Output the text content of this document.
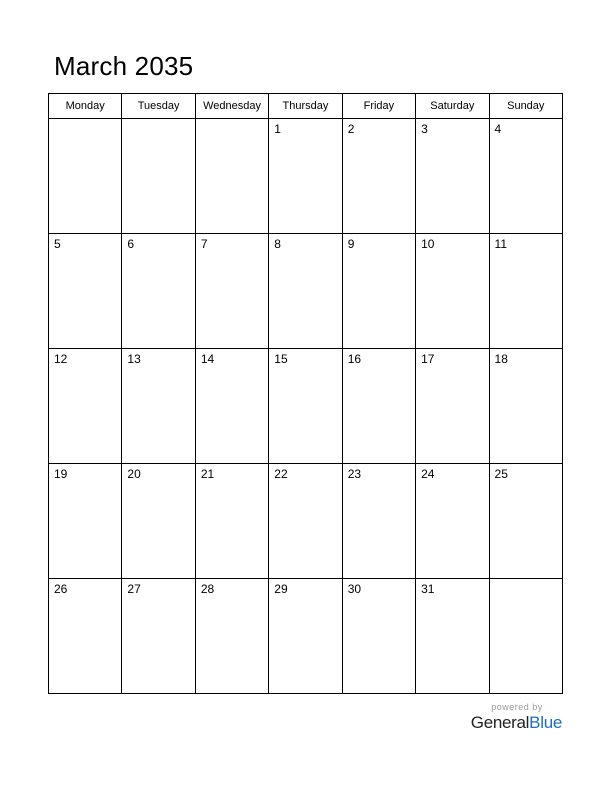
March 2035
Monday	Tuesday	Wednesday	Thursday	Friday	Saturday	Sunday

			1	2	3	4

5	6	7	8	9	10	11

12	13	14	15	16	17	18

19	20	21	22	23	24	25

26	27	28	29	30	31	

powered by
GeneralBlue
